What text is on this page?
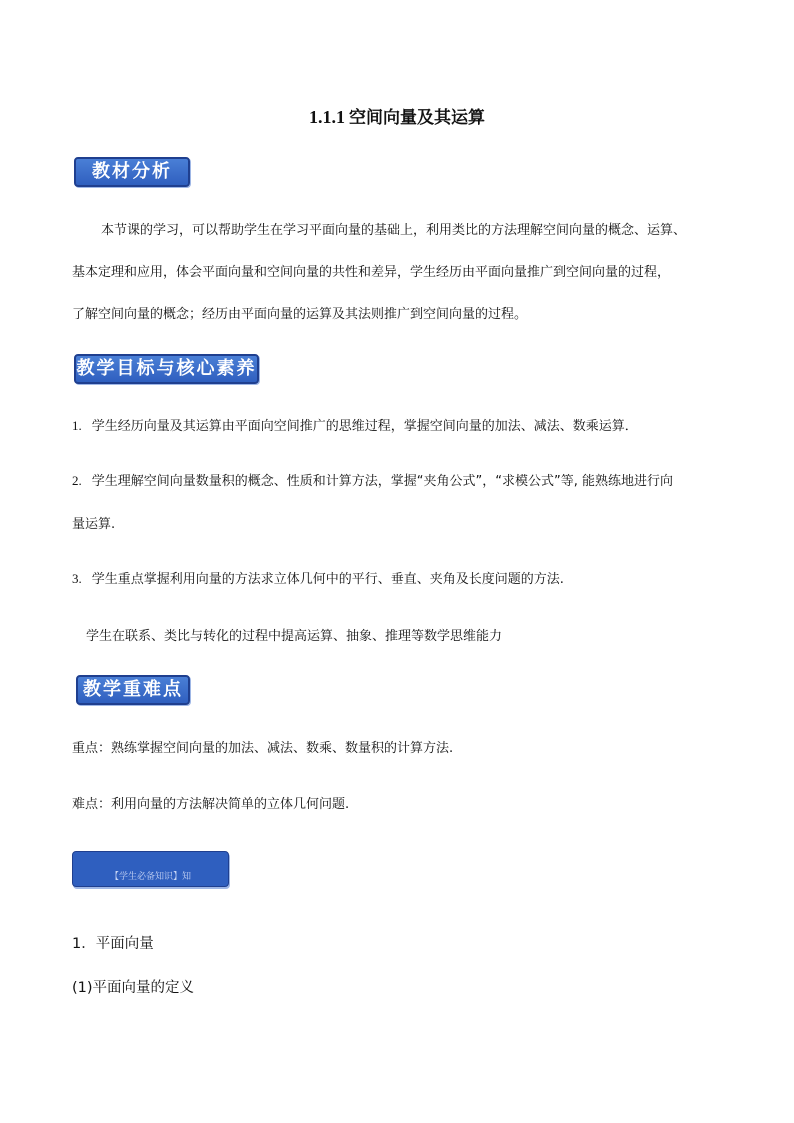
1.1.1 空间向量及其运算
教材分析
本节课的学习，可以帮助学生在学习平面向量的基础上，利用类比的方法理解空间向量的概念、运算、
基本定理和应用，体会平面向量和空间向量的共性和差异，学生经历由平面向量推广到空间向量的过程，
了解空间向量的概念；经历由平面向量的运算及其法则推广到空间向量的过程。
教学目标与核心素养
1. 学生经历向量及其运算由平面向空间推广的思维过程，掌握空间向量的加法、减法、数乘运算．
2. 学生理解空间向量数量积的概念、性质和计算方法，掌握“夹角公式”，“求模公式”等, 能熟练地进行向
量运算.
3. 学生重点掌握利用向量的方法求立体几何中的平行、垂直、夹角及长度问题的方法.
学生在联系、类比与转化的过程中提高运算、抽象、推理等数学思维能力
教学重难点
重点：熟练掌握空间向量的加法、减法、数乘、数量积的计算方法.
难点：利用向量的方法解决简单的立体几何问题.
【学生必备知识】知
1．平面向量
(1)平面向量的定义
